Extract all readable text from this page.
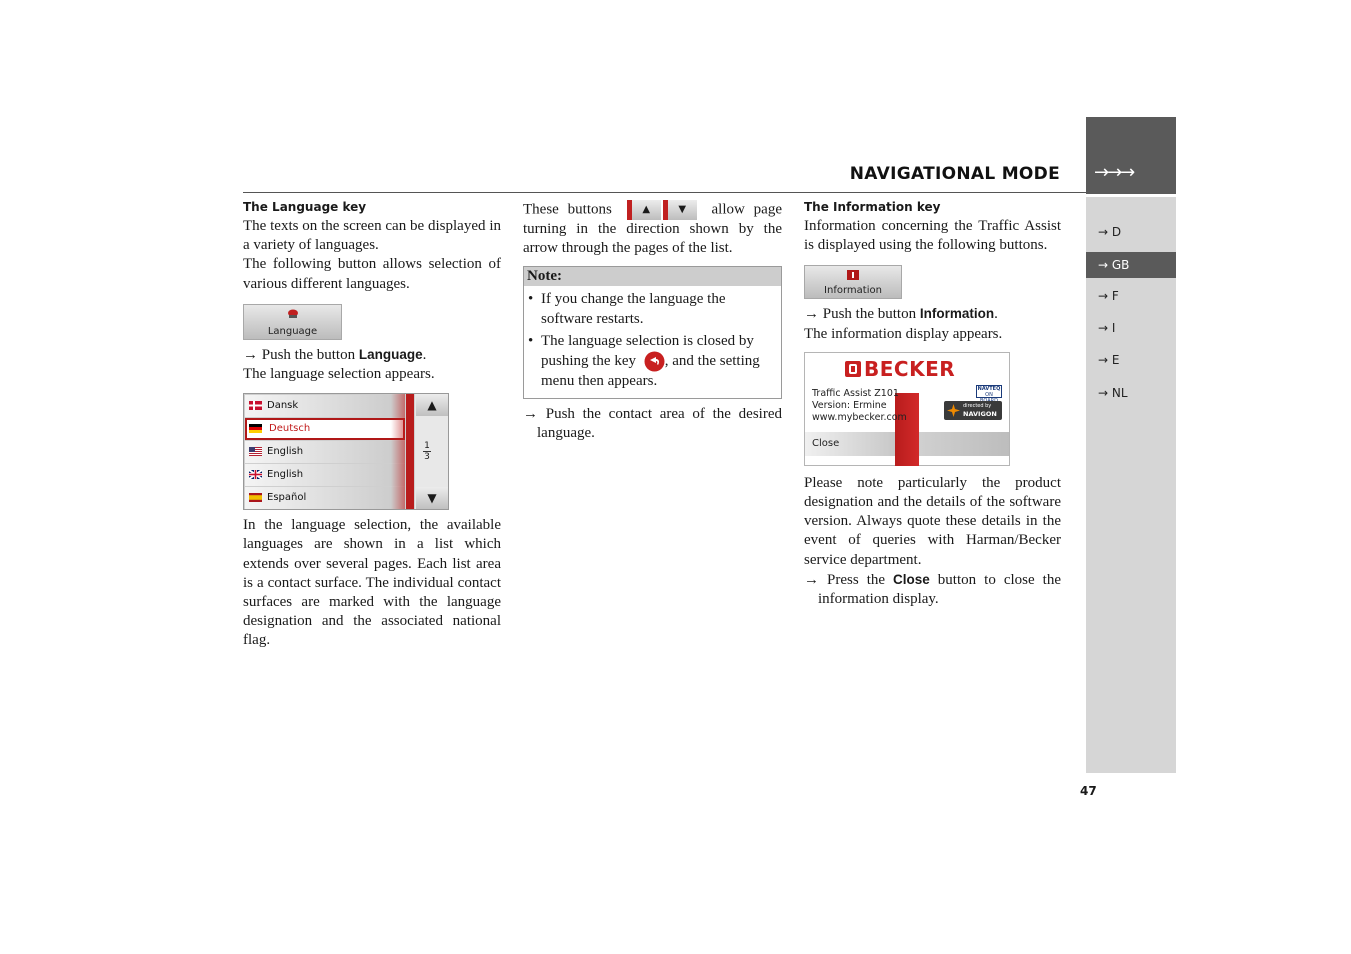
NAVIGATIONAL MODE →→→
→ D
→ GB
→ F
→ I
→ E
→ NL
47
The Language key

The texts on the screen can be displayed in a variety of languages.

The following button allows selection of various different languages.

Language

→ Push the button Language.

The language selection appears.

Dansk
Deutsch
English
English
Español
▲
1
3
▼

In the language selection, the available languages are shown in a list which extends over several pages. Each list area is a contact surface. The individual contact surfaces are marked with the language designation and the associated national flag.

These buttons	▲	▼	allow page turning in the direction shown by the arrow through the pages of the list.

Note:
• If you change the language the software restarts.
• The language selection is closed by pushing the key , and the setting menu then appears.

→ Push the contact area of the desired language.

The Information key

Information concerning the Traffic Assist is displayed using the following buttons.

Information

→ Push the button Information.

The information display appears.

BECKER
Traffic Assist Z101
Version: Ermine
www.mybecker.com
NAVTEQ
ON
directed by
NAVIGON
Close

Please note particularly the product designation and the details of the software version. Always quote these details in the event of queries with Harman/Becker service department.

→ Press the Close button to close the information display.
